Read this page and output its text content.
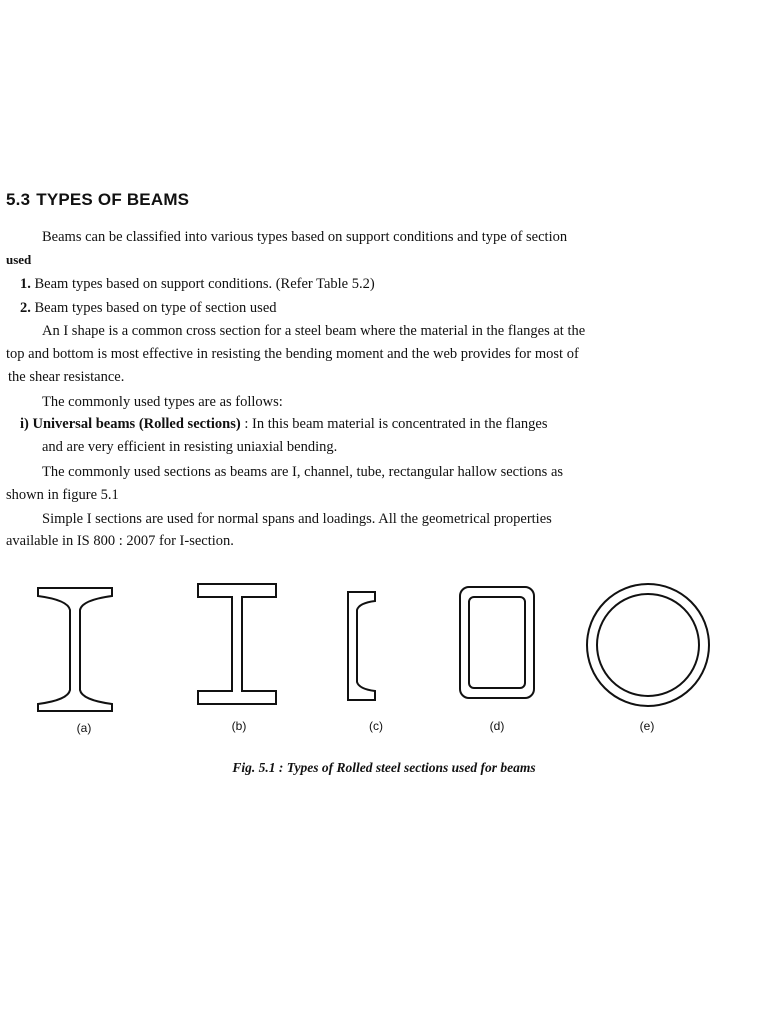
5.3 TYPES OF BEAMS
Beams can be classified into various types based on support conditions and type of section
used
1. Beam types based on support conditions. (Refer Table 5.2)
2. Beam types based on type of section used
An I shape is a common cross section for a steel beam where the material in the flanges at the
top and bottom is most effective in resisting the bending moment and the web provides for most of
the shear resistance.
The commonly used types are as follows:
i) Universal beams (Rolled sections) : In this beam material is concentrated in the flanges
and are very efficient in resisting uniaxial bending.
The commonly used sections as beams are I, channel, tube, rectangular hallow sections as
shown in figure 5.1
Simple I sections are used for normal spans and loadings. All the geometrical properties
available in IS 800 : 2007 for I-section.
(a)	(b)	(c)	(d)	(e)
Fig. 5.1 : Types of Rolled steel sections used for beams
